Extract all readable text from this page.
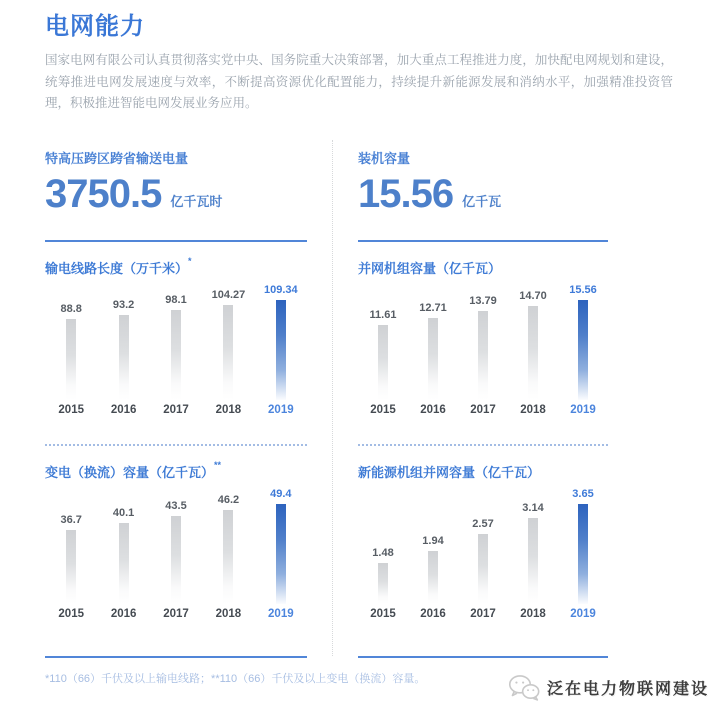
电网能力

国家电网有限公司认真贯彻落实党中央、国务院重大决策部署，加大重点工程推进力度，加快配电网规划和建设，统筹推进电网发展速度与效率，不断提高资源优化配置能力，持续提升新能源发展和消纳水平，加强精准投资管理，积极推进智能电网发展业务应用。

特高压跨区跨省输送电量
3750.5 亿千瓦时
输电线路长度（万千米）*
88.8	93.2	98.1 104.27 109.34
2015	2016	2017	2018	2019
变电（换流）容量（亿千瓦）**
36.7
40.1
43.5	46.2	49.4
2015	2016	2017	2018	2019
装机容量
15.56 亿千瓦
并网机组容量（亿千瓦）
11.61
12.71
13.79 14.70 15.56
2015	2016	2017	2018	2019
新能源机组并网容量（亿千瓦）
1.48
1.94
2.57
3.14
3.65
2015	2016	2017	2018	2019
*110（66）千伏及以上输电线路；**110（66）千伏及以上变电（换流）容量。
泛在电力物联网建设
